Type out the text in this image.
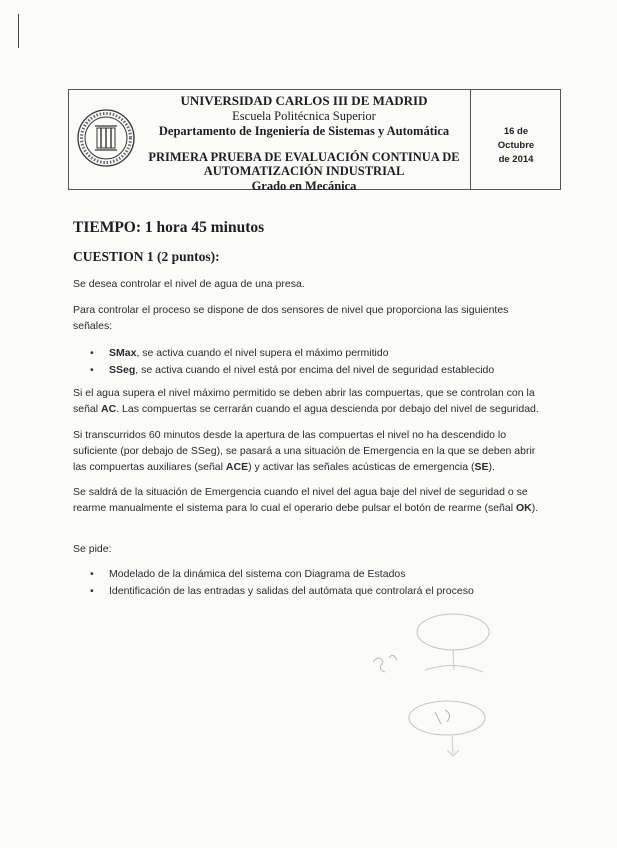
UNIVERSIDAD CARLOS III DE MADRID
Escuela Politécnica Superior
Departamento de Ingeniería de Sistemas y Automática
PRIMERA PRUEBA DE EVALUACIÓN CONTINUA DE
AUTOMATIZACIÓN INDUSTRIAL
Grado en Mecánica
16 de
Octubre
de 2014
TIEMPO: 1 hora 45 minutos
CUESTION 1 (2 puntos):

Se desea controlar el nivel de agua de una presa.

Para controlar el proceso se dispone de dos sensores de nivel que proporciona las siguientes señales:

• SMax, se activa cuando el nivel supera el máximo permitido
• SSeg, se activa cuando el nivel está por encima del nivel de seguridad establecido

Si el agua supera el nivel máximo permitido se deben abrir las compuertas, que se controlan con la señal AC. Las compuertas se cerrarán cuando el agua descienda por debajo del nivel de seguridad.

Si transcurridos 60 minutos desde la apertura de las compuertas el nivel no ha descendido lo suficiente (por debajo de SSeg), se pasará a una situación de Emergencia en la que se deben abrir las compuertas auxiliares (señal ACE) y activar las señales acústicas de emergencia (SE).

Se saldrá de la situación de Emergencia cuando el nivel del agua baje del nivel de seguridad o se rearme manualmente el sistema para lo cual el operario debe pulsar el botón de rearme (señal OK).

Se pide:

• Modelado de la dinámica del sistema con Diagrama de Estados
• Identificación de las entradas y salidas del autómata que controlará el proceso
